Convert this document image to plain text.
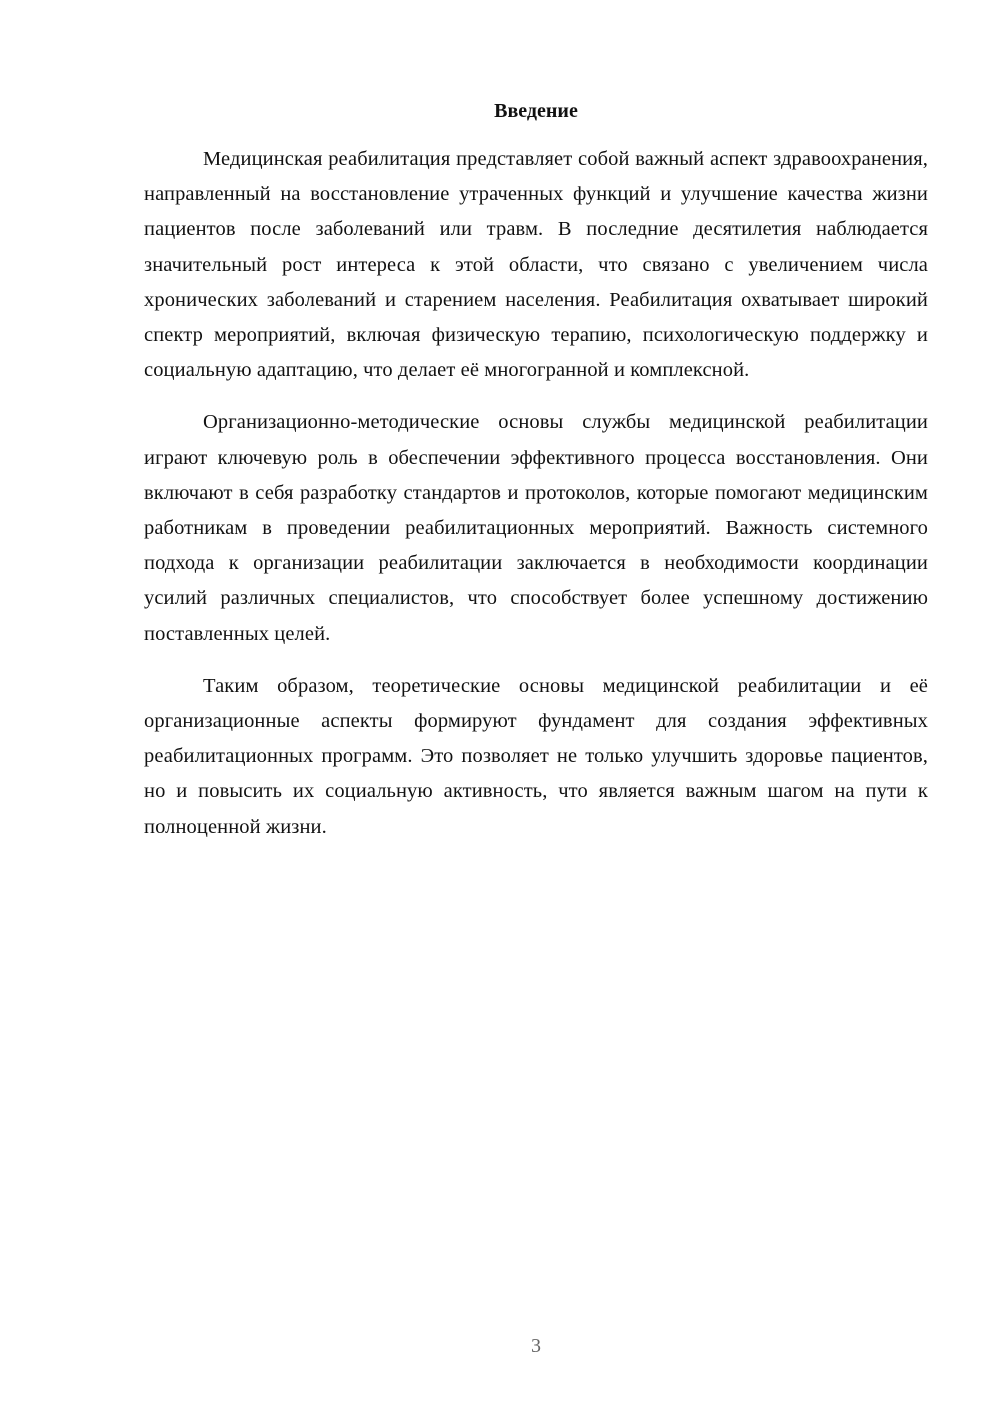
Введение

Медицинская реабилитация представляет собой важный аспект здравоохранения, направленный на восстановление утраченных функций и улучшение качества жизни пациентов после заболеваний или травм. В последние десятилетия наблюдается значительный рост интереса к этой области, что связано с увеличением числа хронических заболеваний и старением населения. Реабилитация охватывает широкий спектр мероприятий, включая физическую терапию, психологическую поддержку и социальную адаптацию, что делает её многогранной и комплексной.

Организационно-методические основы службы медицинской реабилитации играют ключевую роль в обеспечении эффективного процесса восстановления. Они включают в себя разработку стандартов и протоколов, которые помогают медицинским работникам в проведении реабилитационных мероприятий. Важность системного подхода к организации реабилитации заключается в необходимости координации усилий различных специалистов, что способствует более успешному достижению поставленных целей.

Таким образом, теоретические основы медицинской реабилитации и её организационные аспекты формируют фундамент для создания эффективных реабилитационных программ. Это позволяет не только улучшить здоровье пациентов, но и повысить их социальную активность, что является важным шагом на пути к полноценной жизни.

3
